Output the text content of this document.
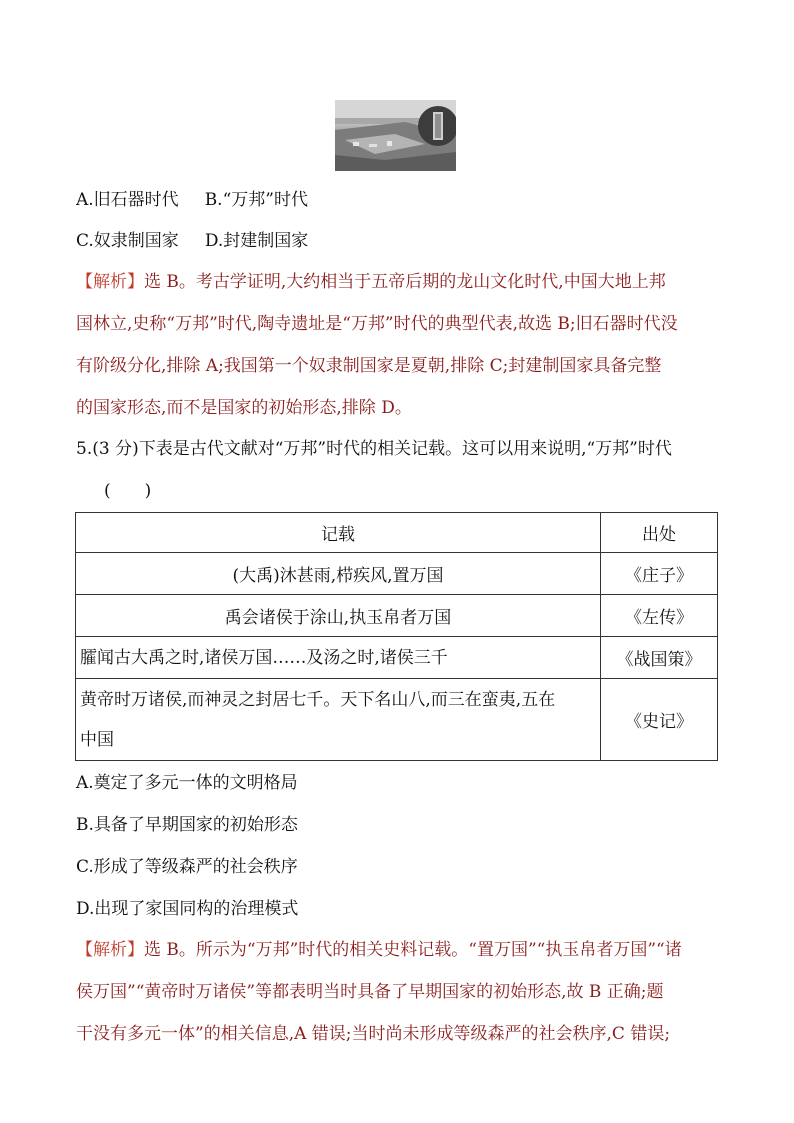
A.旧石器时代 B.“万邦”时代
C.奴隶制国家 D.封建制国家
【解析】选 B。考古学证明,大约相当于五帝后期的龙山文化时代,中国大地上邦
国林立,史称“万邦”时代,陶寺遗址是“万邦”时代的典型代表,故选 B;旧石器时代没
有阶级分化,排除 A;我国第一个奴隶制国家是夏朝,排除 C;封建制国家具备完整
的国家形态,而不是国家的初始形态,排除 D。
5.(3 分)下表是古代文献对“万邦”时代的相关记载。这可以用来说明,“万邦”时代
(　　)
记载	出处
(大禹)沐甚雨,栉疾风,置万国	《庄子》
禹会诸侯于涂山,执玉帛者万国	《左传》
臛闻古大禹之时,诸侯万国……及汤之时,诸侯三千	《战国策》

黄帝时万诸侯,而神灵之封居七千。天下名山八,而三在蛮夷,五在
中国	《史记》
A.奠定了多元一体的文明格局
B.具备了早期国家的初始形态
C.形成了等级森严的社会秩序
D.出现了家国同构的治理模式
【解析】选 B。所示为“万邦”时代的相关史料记载。“置万国”“执玉帛者万国”“诸
侯万国”“黄帝时万诸侯”等都表明当时具备了早期国家的初始形态,故 B 正确;题
干没有多元一体”的相关信息,A 错误;当时尚未形成等级森严的社会秩序,C 错误;
